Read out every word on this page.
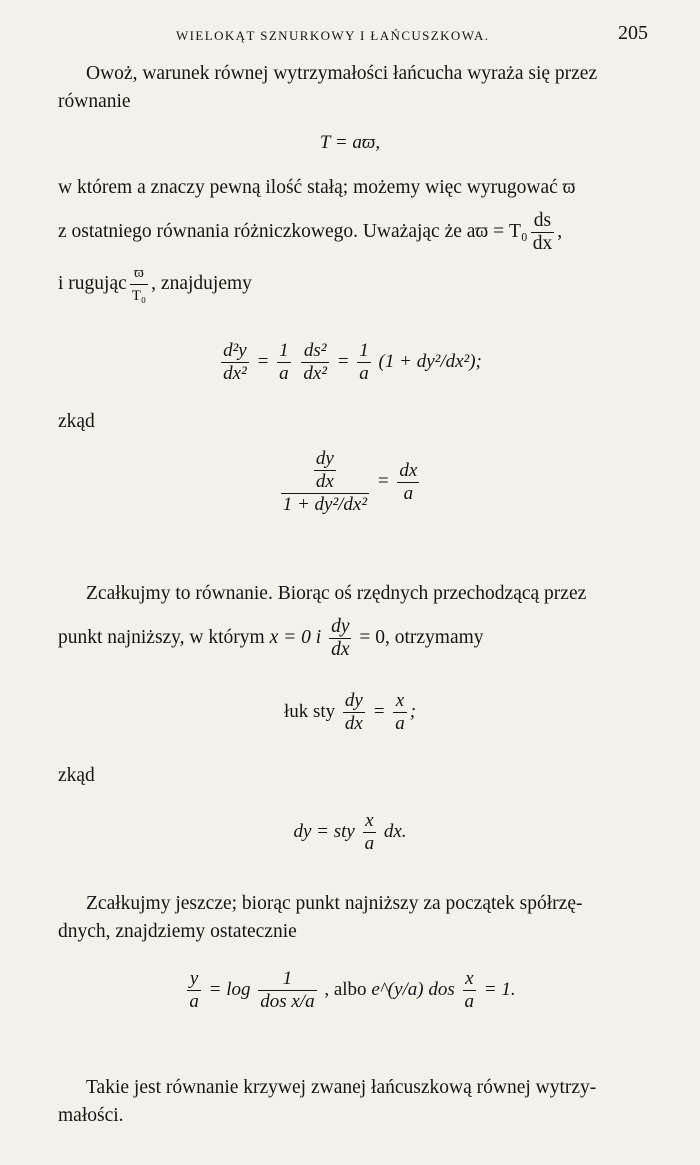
WIELOKĄT SZNURKOWY I ŁAŃCUSZKOWA.	205
Owoż, warunek równej wytrzymałości łańcucha wyraża się przez
równanie
T = aϖ,
w którem a znaczy pewną ilość stałą; możemy więc wyrugować ϖ
z ostatniego równania różniczkowego. Uważając że $aϖ = T_0 \frac{ds}{dx}$ ,
i rugując $\frac{ϖ}{\text{T₀}}$ , znajdujemy
$\frac{\text{d²y}}{\text{dx²}} = \frac{1}{a}$
$\frac{\text{ds²}}{\text{dx²}} = \frac{1}{a} (1 + dy^2/dx^2)$;
zkąd
$\frac{\frac{dy}{dx}}{\text{1 + dy²/dx²}} = \frac{dx}{a}$
Zcałkujmy to równanie. Biorąc oś rzędnych przechodzącą przez
punkt najniższy, w którym x = 0 i $\frac{dy}{dx} = 0$, otrzymamy
łuk sty $\frac{dy}{dx} = \frac{x}{a}$ ;
zkąd
dy = sty $\frac{x}{a}$ dx.
Zcałkujmy jeszcze; biorąc punkt najniższy za początek spółrzę-
dnych, znajdziemy ostatecznie
$\frac{y}{a} = \log \frac{1}{\text{dos x/a}}$ , albo e^(y/a) dos $\frac{x}{a} = 1$.
Takie jest równanie krzywej zwanej łańcuszkową równej wytrzy-
małości.
